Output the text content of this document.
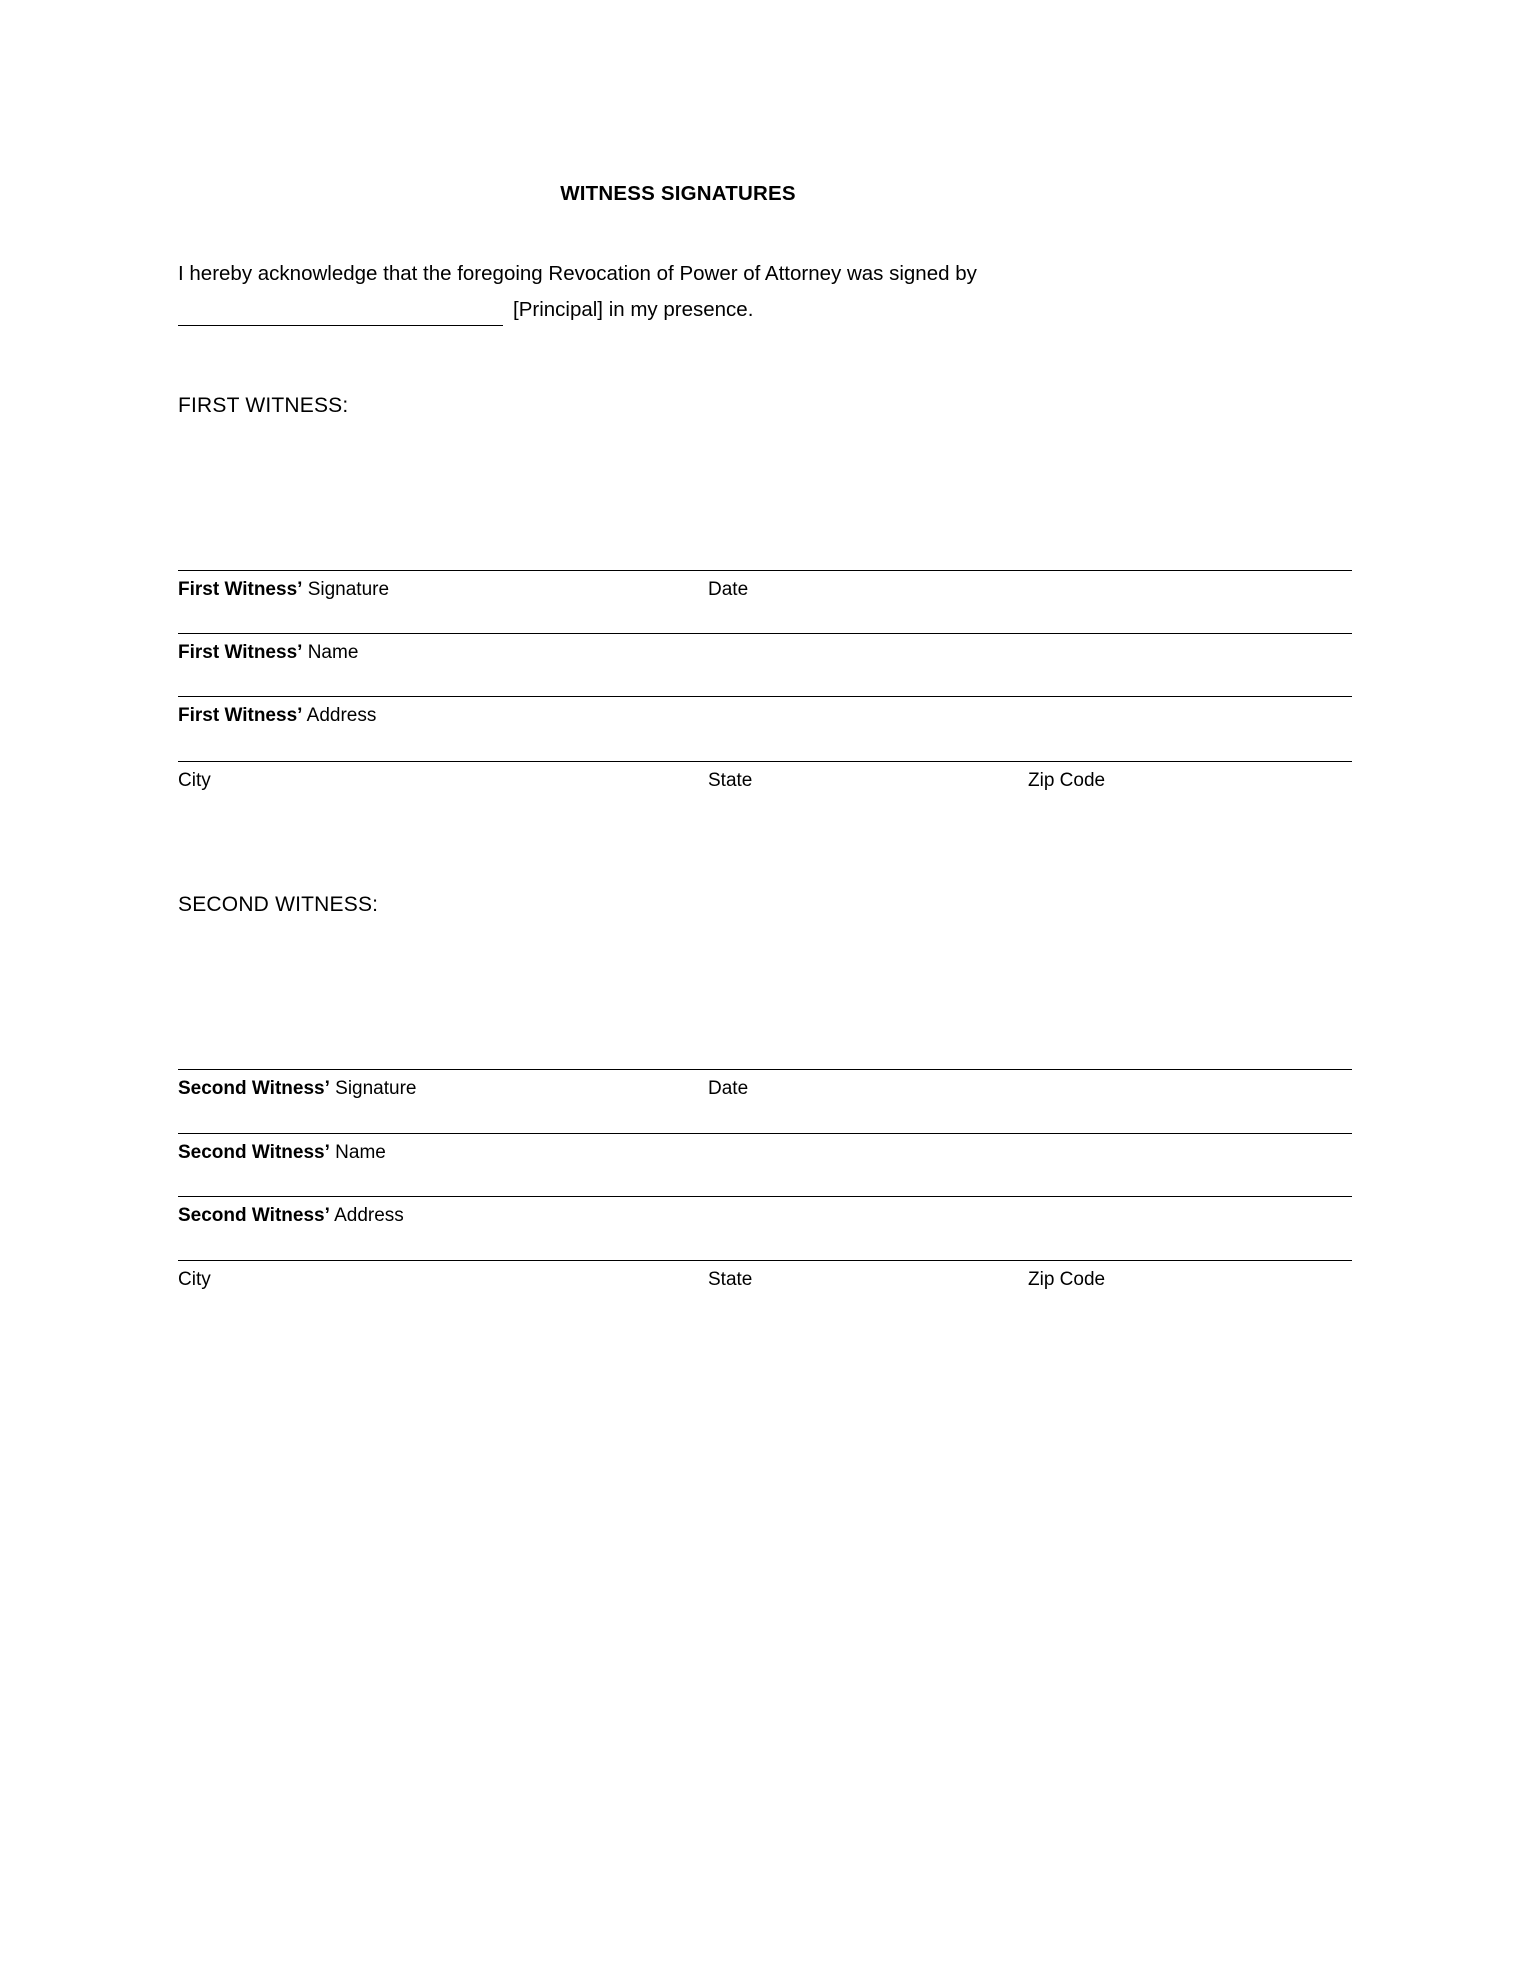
WITNESS SIGNATURES
I hereby acknowledge that the foregoing Revocation of Power of Attorney was signed by
[Principal] in my presence.
FIRST WITNESS:
First Witness’ Signature	Date
First Witness’ Name
First Witness’ Address
City	State	Zip Code
SECOND WITNESS:
Second Witness’ Signature	Date
Second Witness’ Name
Second Witness’ Address
City	State	Zip Code
